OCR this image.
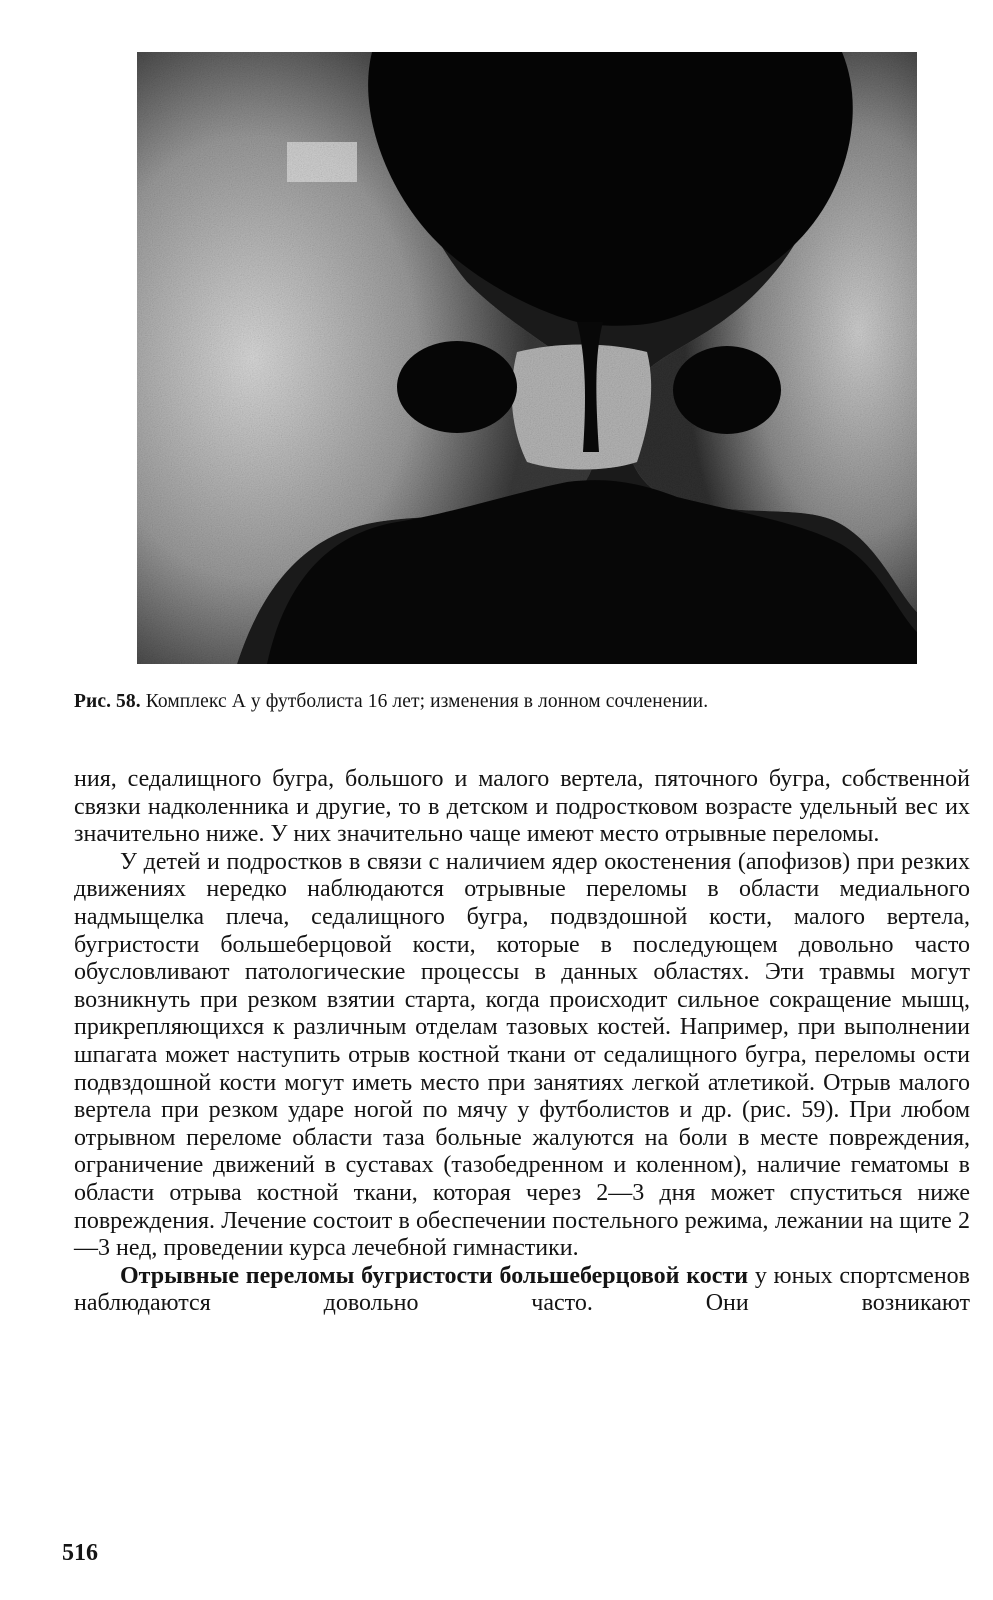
Рис. 58. Комплекс А у футболиста 16 лет; изменения в лонном сочленении.

ния, седалищного бугра, большого и малого вертела, пяточного бугра, собственной связки надколенника и другие, то в детском и подростковом возрасте удельный вес их значительно ниже. У них значительно чаще имеют место отрывные переломы.

У детей и подростков в связи с наличием ядер окостенения (апофизов) при резких движениях нередко наблюдаются отрывные переломы в области медиального надмыщелка плеча, седалищного бугра, подвздошной кости, малого вертела, бугристости большеберцовой кости, которые в последующем довольно часто обусловливают патологические процессы в данных областях. Эти травмы могут возникнуть при резком взятии старта, когда происходит сильное сокращение мышц, прикрепляющихся к различным отделам тазовых костей. Например, при выполнении шпагата может наступить отрыв костной ткани от седалищного бугра, переломы ости подвздошной кости могут иметь место при занятиях легкой атлетикой. Отрыв малого вертела при резком ударе ногой по мячу у футболистов и др. (рис. 59). При любом отрывном переломе области таза больные жалуются на боли в месте повреждения, ограничение движений в суставах (тазобедренном и коленном), наличие гематомы в области отрыва костной ткани, которая через 2—3 дня может спуститься ниже повреждения. Лечение состоит в обеспечении постельного режима, лежании на щите 2—3 нед, проведении курса лечебной гимнастики.

Отрывные переломы бугристости большеберцовой кости у юных спортсменов наблюдаются довольно часто. Они возникают

516
